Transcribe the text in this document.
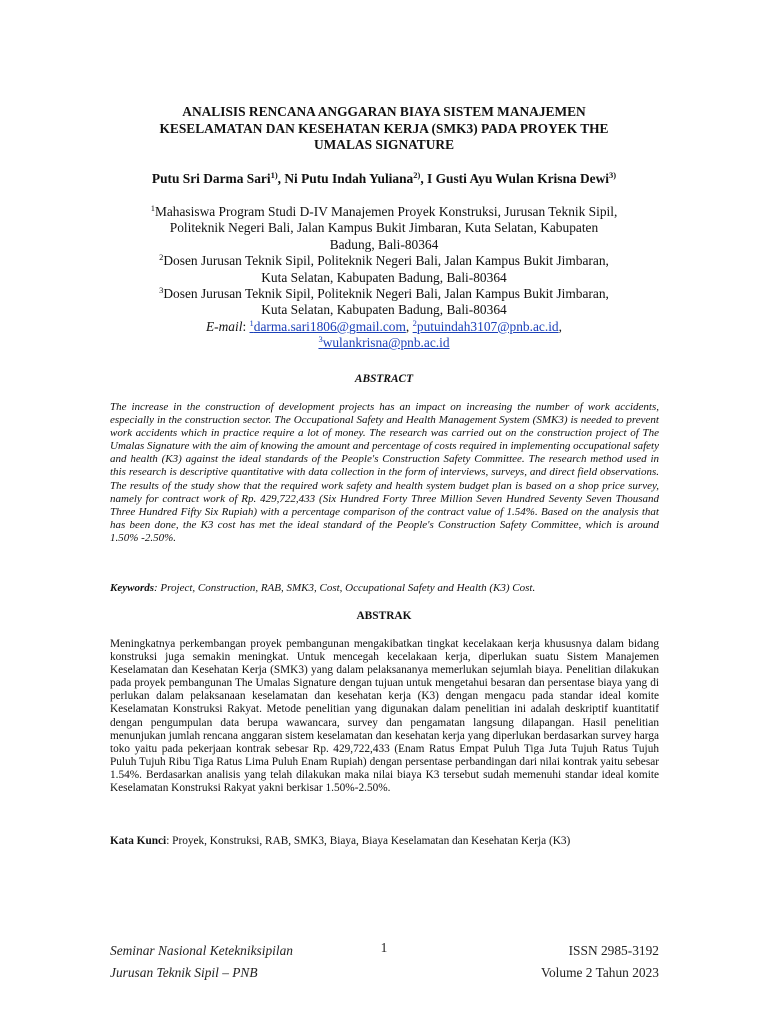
ANALISIS RENCANA ANGGARAN BIAYA SISTEM MANAJEMEN
KESELAMATAN DAN KESEHATAN KERJA (SMK3) PADA PROYEK THE
UMALAS SIGNATURE
Putu Sri Darma Sari$^{1)}$, Ni Putu Indah Yuliana$^{2)}$, I Gusti Ayu Wulan Krisna Dewi$^{3)}$
$^1$Mahasiswa Program Studi D-IV Manajemen Proyek Konstruksi, Jurusan Teknik Sipil,
Politeknik Negeri Bali, Jalan Kampus Bukit Jimbaran, Kuta Selatan, Kabupaten
Badung, Bali-80364
$^2$Dosen Jurusan Teknik Sipil, Politeknik Negeri Bali, Jalan Kampus Bukit Jimbaran,
Kuta Selatan, Kabupaten Badung, Bali-80364
$^3$Dosen Jurusan Teknik Sipil, Politeknik Negeri Bali, Jalan Kampus Bukit Jimbaran,
Kuta Selatan, Kabupaten Badung, Bali-80364
E-mail: $^1$darma.sari1806@gmail.com, $^2$putuindah3107@pnb.ac.id,
$^3$wulankrisna@pnb.ac.id
ABSTRACT

The increase in the construction of development projects has an impact on increasing the number of work accidents, especially in the construction sector. The Occupational Safety and Health Management System (SMK3) is needed to prevent work accidents which in practice require a lot of money. The research was carried out on the construction project of The Umalas Signature with the aim of knowing the amount and percentage of costs required in implementing occupational safety and health (K3) against the ideal standards of the People's Construction Safety Committee. The research method used in this research is descriptive quantitative with data collection in the form of interviews, surveys, and direct field observations. The results of the study show that the required work safety and health system budget plan is based on a shop price survey, namely for contract work of Rp. 429,722,433 (Six Hundred Forty Three Million Seven Hundred Seventy Seven Thousand Three Hundred Fifty Six Rupiah) with a percentage comparison of the contract value of 1.54%. Based on the analysis that has been done, the K3 cost has met the ideal standard of the People's Construction Safety Committee, which is around 1.50% -2.50%.

Keywords: Project, Construction, RAB, SMK3, Cost, Occupational Safety and Health (K3) Cost.

ABSTRAK

Meningkatnya perkembangan proyek pembangunan mengakibatkan tingkat kecelakaan kerja khususnya dalam bidang konstruksi juga semakin meningkat. Untuk mencegah kecelakaan kerja, diperlukan suatu Sistem Manajemen Keselamatan dan Kesehatan Kerja (SMK3) yang dalam pelaksananya memerlukan sejumlah biaya. Penelitian dilakukan pada proyek pembangunan The Umalas Signature dengan tujuan untuk mengetahui besaran dan persentase biaya yang di perlukan dalam pelaksanaan keselamatan dan kesehatan kerja (K3) dengan mengacu pada standar ideal komite Keselamatan Konstruksi Rakyat. Metode penelitian yang digunakan dalam penelitian ini adalah deskriptif kuantitatif dengan pengumpulan data berupa wawancara, survey dan pengamatan langsung dilapangan. Hasil penelitian menunjukan jumlah rencana anggaran sistem keselamatan dan kesehatan kerja yang diperlukan berdasarkan survey harga toko yaitu pada pekerjaan kontrak sebesar Rp. 429,722,433 (Enam Ratus Empat Puluh Tiga Juta Tujuh Ratus Tujuh Puluh Tujuh Ribu Tiga Ratus Lima Puluh Enam Rupiah) dengan persentase perbandingan dari nilai kontrak yaitu sebesar 1.54%. Berdasarkan analisis yang telah dilakukan maka nilai biaya K3 tersebut sudah memenuhi standar ideal komite Keselamatan Konstruksi Rakyat yakni berkisar 1.50%-2.50%.

Kata Kunci: Proyek, Konstruksi, RAB, SMK3, Biaya, Biaya Keselamatan dan Kesehatan Kerja (K3)

Seminar Nasional Ketekniksipilan
Jurusan Teknik Sipil – PNB
1	ISSN 2985-3192
Volume 2 Tahun 2023
